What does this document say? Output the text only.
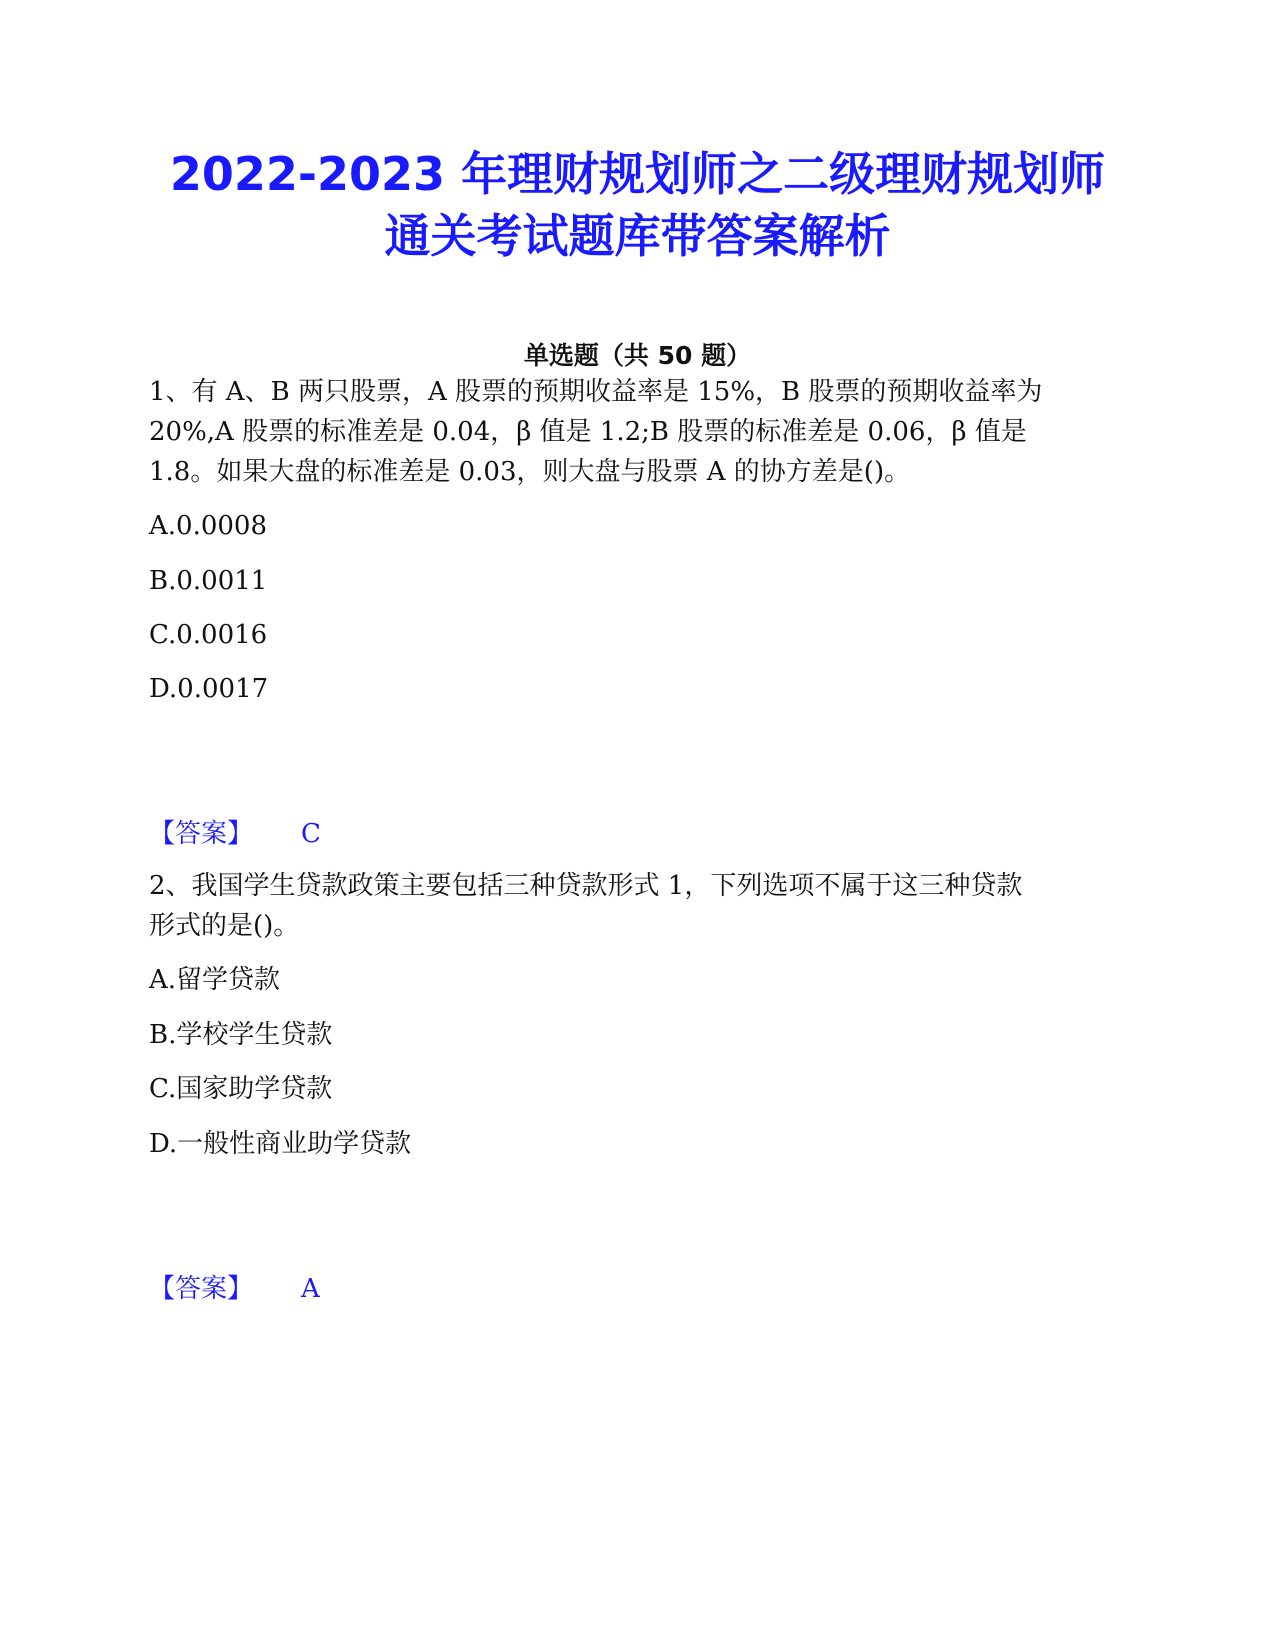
2022-2023 年理财规划师之二级理财规划师
通关考试题库带答案解析
单选题（共 50 题）
1、有 A、B 两只股票，A 股票的预期收益率是 15%，B 股票的预期收益率为
20%,A 股票的标准差是 0.04，β 值是 1.2;B 股票的标准差是 0.06，β 值是
1.8。如果大盘的标准差是 0.03，则大盘与股票 A 的协方差是()。
A.0.0008
B.0.0011
C.0.0016
D.0.0017
【答案】 C
2、我国学生贷款政策主要包括三种贷款形式 1，下列选项不属于这三种贷款
形式的是()。
A.留学贷款
B.学校学生贷款
C.国家助学贷款
D.一般性商业助学贷款
【答案】 A
